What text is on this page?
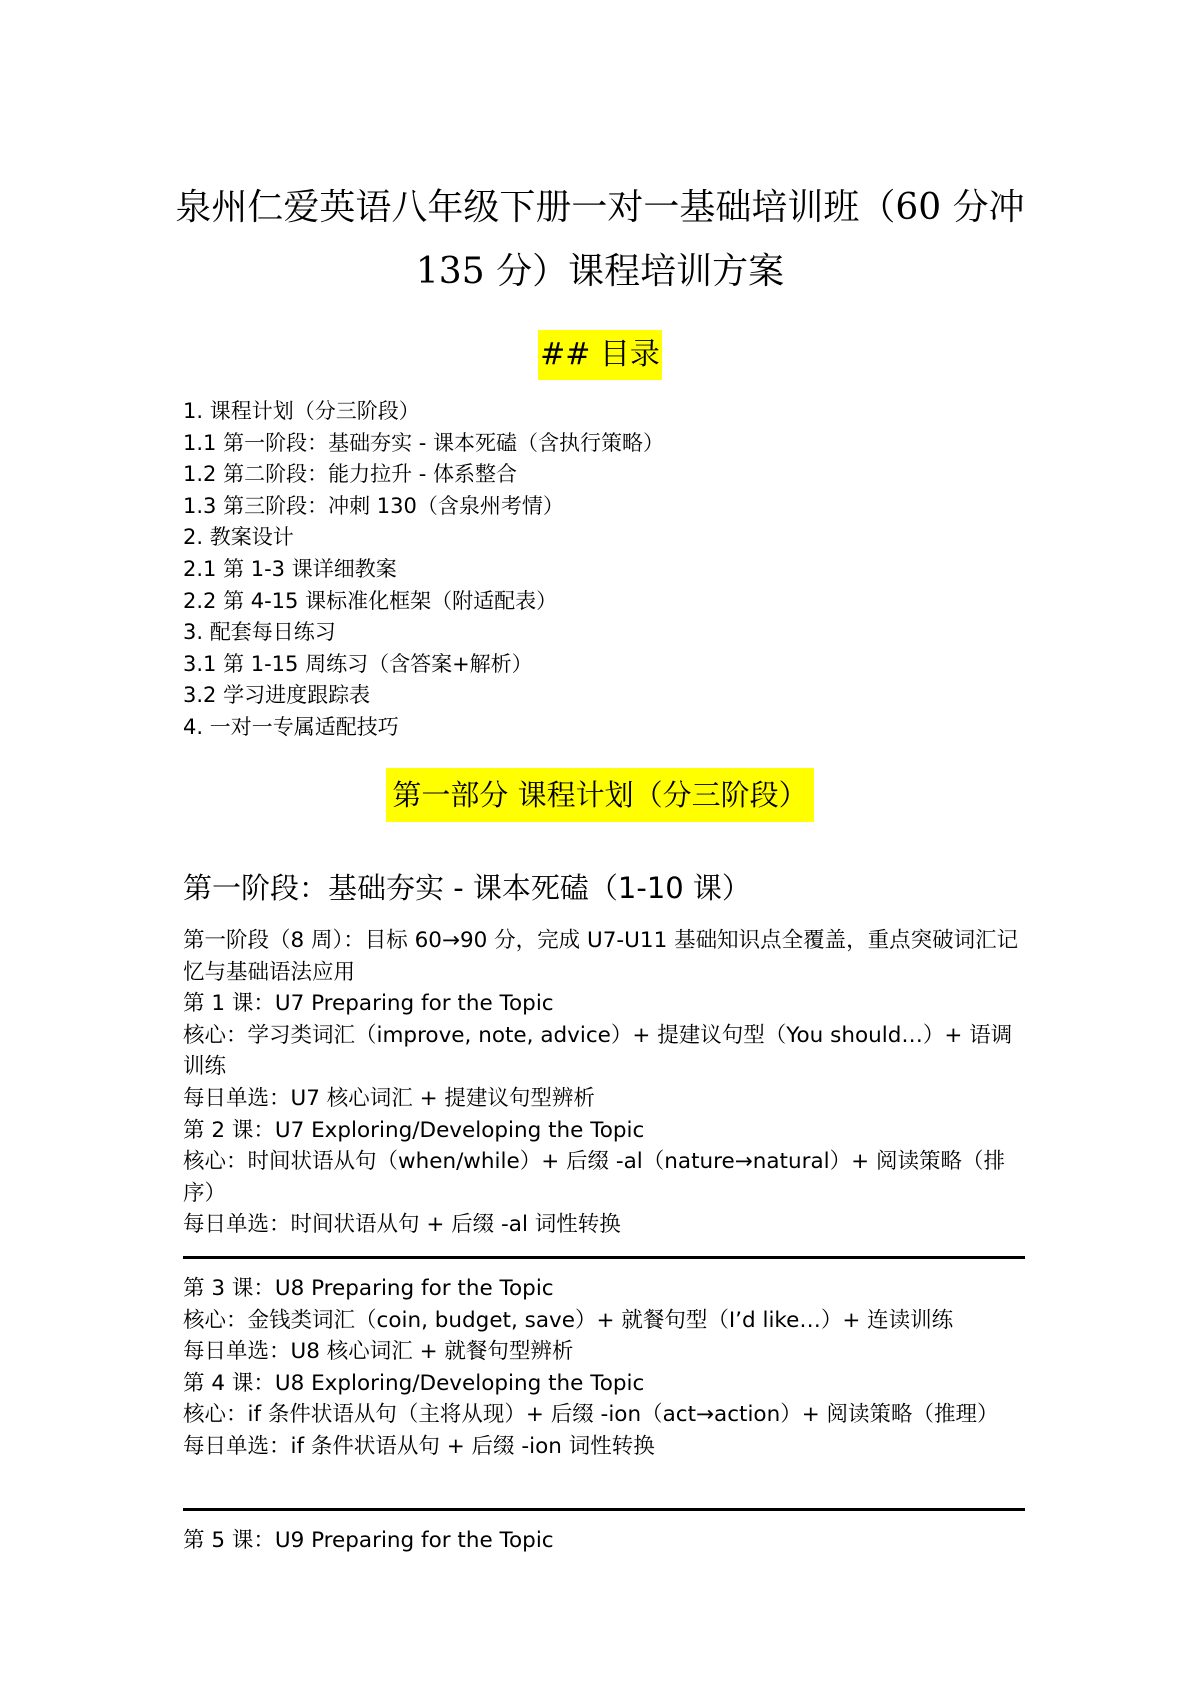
泉州仁爱英语八年级下册一对一基础培训班（60 分冲
135 分）课程培训方案
## 目录
1. 课程计划（分三阶段）
1.1 第一阶段：基础夯实 - 课本死磕（含执行策略）
1.2 第二阶段：能力拉升 - 体系整合
1.3 第三阶段：冲刺 130（含泉州考情）
2. 教案设计
2.1 第 1-3 课详细教案
2.2 第 4-15 课标准化框架（附适配表）
3. 配套每日练习
3.1 第 1-15 周练习（含答案+解析）
3.2 学习进度跟踪表
4. 一对一专属适配技巧
第一部分 课程计划（分三阶段）
第一阶段：基础夯实 - 课本死磕（1-10 课）

第一阶段（8 周）：目标 60→90 分，完成 U7-U11 基础知识点全覆盖，重点突破词汇记忆与基础语法应用

第 1 课：U7 Preparing for the Topic

核心：学习类词汇（improve, note, advice）+ 提建议句型（You should…）+ 语调训练

每日单选：U7 核心词汇 + 提建议句型辨析

第 2 课：U7 Exploring/Developing the Topic

核心：时间状语从句（when/while）+ 后缀 -al（nature→natural）+ 阅读策略（排序）

每日单选：时间状语从句 + 后缀 -al 词性转换

第 3 课：U8 Preparing for the Topic

核心：金钱类词汇（coin, budget, save）+ 就餐句型（I’d like…）+ 连读训练

每日单选：U8 核心词汇 + 就餐句型辨析

第 4 课：U8 Exploring/Developing the Topic

核心：if 条件状语从句（主将从现）+ 后缀 -ion（act→action）+ 阅读策略（推理）

每日单选：if 条件状语从句 + 后缀 -ion 词性转换

第 5 课：U9 Preparing for the Topic
